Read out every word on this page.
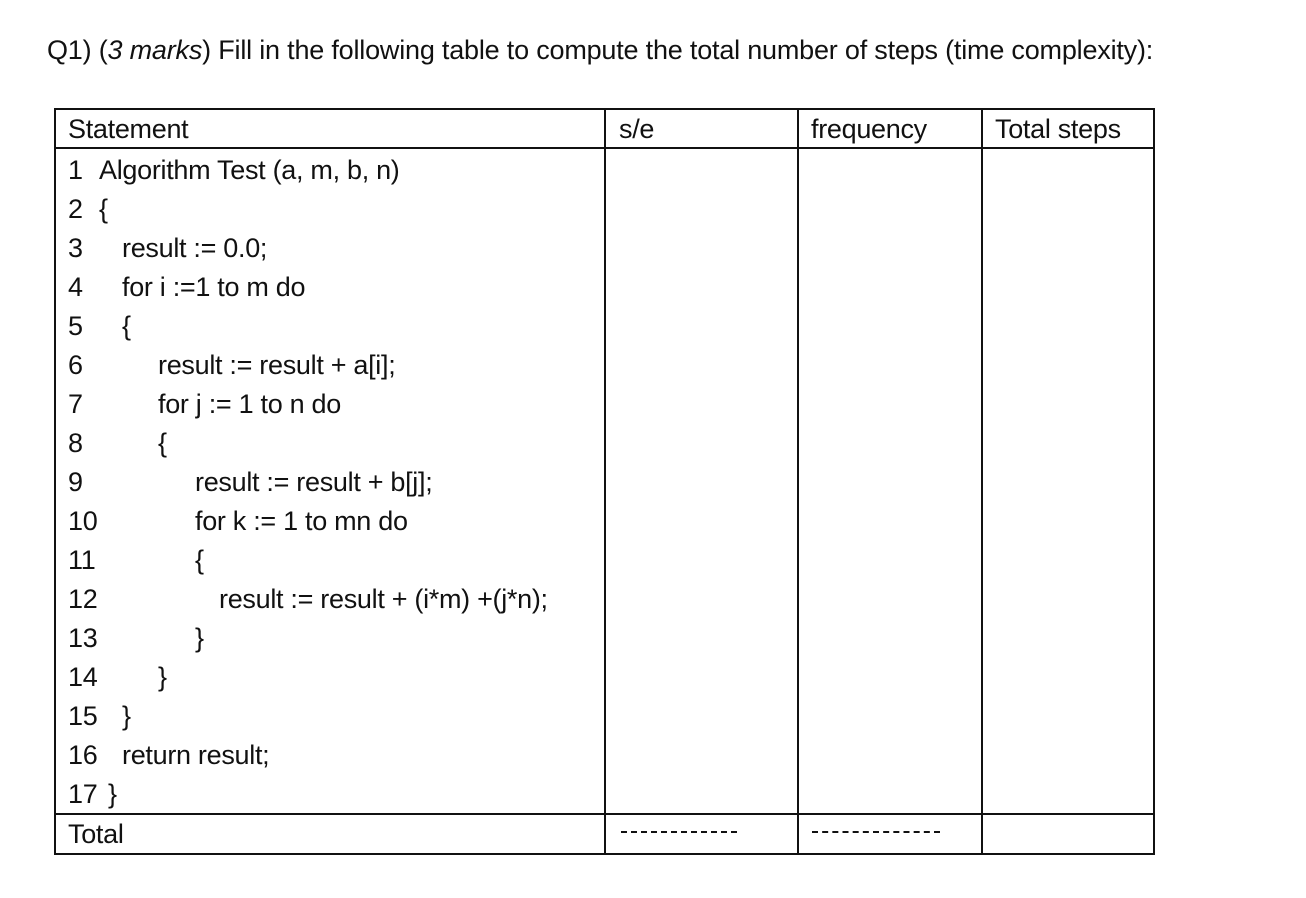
Q1) (3 marks) Fill in the following table to compute the total number of steps (time complexity):
Statement	s/e	frequency	Total steps
1 Algorithm Test (a, m, b, n)
2 {
3 result := 0.0;
4 for i :=1 to m do
5 {
6	result := result + a[i];
7	for j := 1 to n do
8	{
9	result := result + b[j];
10	for k := 1 to mn do
11	{
12	result := result + (i*m) +(j*n);
13	}
14 }
15 }
16 return result;
17 }
Total
